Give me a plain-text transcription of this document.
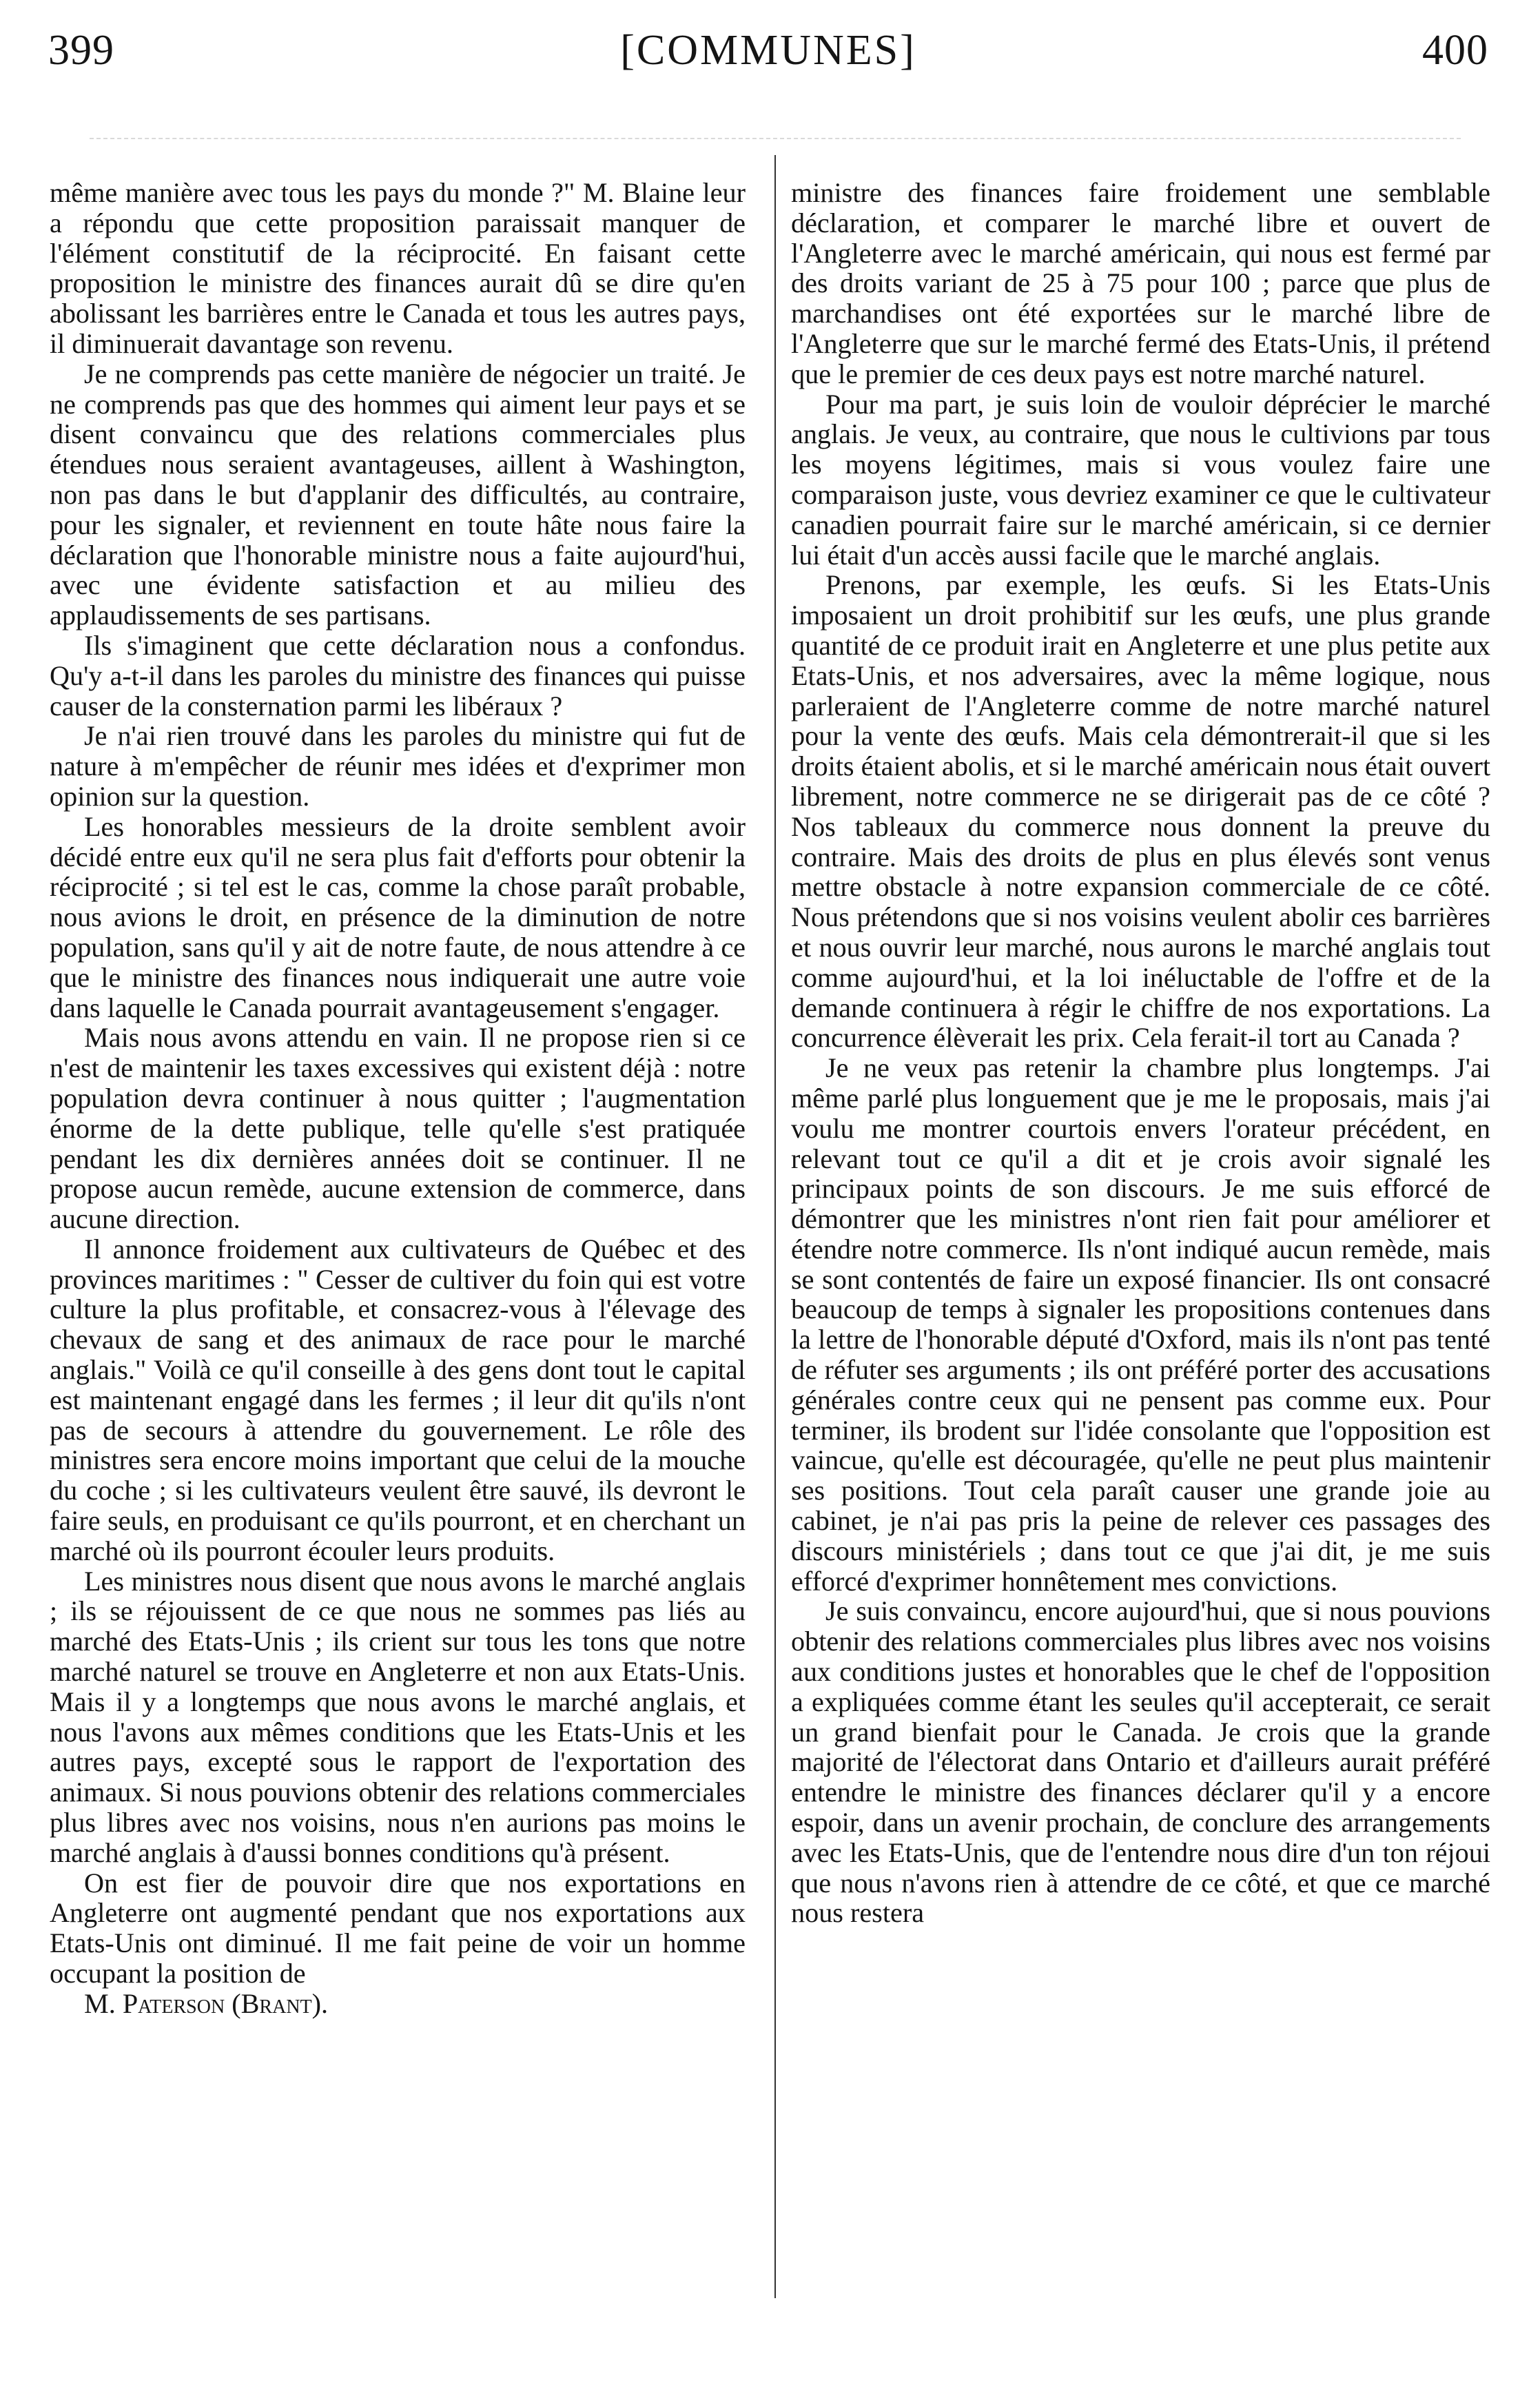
399	[COMMUNES]	400

même manière avec tous les pays du monde ?" M. Blaine leur a répondu que cette proposition paraissait manquer de l'élément constitutif de la réciprocité. En faisant cette proposition le ministre des finances aurait dû se dire qu'en abolissant les barrières entre le Canada et tous les autres pays, il diminuerait davantage son revenu.

Je ne comprends pas cette manière de négocier un traité. Je ne comprends pas que des hommes qui aiment leur pays et se disent convaincu que des relations commerciales plus étendues nous seraient avantageuses, aillent à Washington, non pas dans le but d'applanir des difficultés, au contraire, pour les signaler, et reviennent en toute hâte nous faire la déclaration que l'honorable ministre nous a faite aujourd'hui, avec une évidente satisfaction et au milieu des applaudissements de ses partisans.

Ils s'imaginent que cette déclaration nous a confondus. Qu'y a-t-il dans les paroles du ministre des finances qui puisse causer de la consternation parmi les libéraux ?

Je n'ai rien trouvé dans les paroles du ministre qui fut de nature à m'empêcher de réunir mes idées et d'exprimer mon opinion sur la question.

Les honorables messieurs de la droite semblent avoir décidé entre eux qu'il ne sera plus fait d'efforts pour obtenir la réciprocité ; si tel est le cas, comme la chose paraît probable, nous avions le droit, en présence de la diminution de notre population, sans qu'il y ait de notre faute, de nous attendre à ce que le ministre des finances nous indiquerait une autre voie dans laquelle le Canada pourrait avantageusement s'engager.

Mais nous avons attendu en vain. Il ne propose rien si ce n'est de maintenir les taxes excessives qui existent déjà : notre population devra continuer à nous quitter ; l'augmentation énorme de la dette publique, telle qu'elle s'est pratiquée pendant les dix dernières années doit se continuer. Il ne propose aucun remède, aucune extension de commerce, dans aucune direction.

Il annonce froidement aux cultivateurs de Québec et des provinces maritimes : " Cesser de cultiver du foin qui est votre culture la plus profitable, et consacrez-vous à l'élevage des chevaux de sang et des animaux de race pour le marché anglais." Voilà ce qu'il conseille à des gens dont tout le capital est maintenant engagé dans les fermes ; il leur dit qu'ils n'ont pas de secours à attendre du gouvernement. Le rôle des ministres sera encore moins important que celui de la mouche du coche ; si les cultivateurs veulent être sauvé, ils devront le faire seuls, en produisant ce qu'ils pourront, et en cherchant un marché où ils pourront écouler leurs produits.

Les ministres nous disent que nous avons le marché anglais ; ils se réjouissent de ce que nous ne sommes pas liés au marché des Etats-Unis ; ils crient sur tous les tons que notre marché naturel se trouve en Angleterre et non aux Etats-Unis. Mais il y a longtemps que nous avons le marché anglais, et nous l'avons aux mêmes conditions que les Etats-Unis et les autres pays, excepté sous le rapport de l'exportation des animaux. Si nous pouvions obtenir des relations commerciales plus libres avec nos voisins, nous n'en aurions pas moins le marché anglais à d'aussi bonnes conditions qu'à présent.

On est fier de pouvoir dire que nos exportations en Angleterre ont augmenté pendant que nos exportations aux Etats-Unis ont diminué. Il me fait peine de voir un homme occupant la position de

M. Paterson (Brant).

ministre des finances faire froidement une semblable déclaration, et comparer le marché libre et ouvert de l'Angleterre avec le marché américain, qui nous est fermé par des droits variant de 25 à 75 pour 100 ; parce que plus de marchandises ont été exportées sur le marché libre de l'Angleterre que sur le marché fermé des Etats-Unis, il prétend que le premier de ces deux pays est notre marché naturel.

Pour ma part, je suis loin de vouloir déprécier le marché anglais. Je veux, au contraire, que nous le cultivions par tous les moyens légitimes, mais si vous voulez faire une comparaison juste, vous devriez examiner ce que le cultivateur canadien pourrait faire sur le marché américain, si ce dernier lui était d'un accès aussi facile que le marché anglais.

Prenons, par exemple, les œufs. Si les Etats-Unis imposaient un droit prohibitif sur les œufs, une plus grande quantité de ce produit irait en Angleterre et une plus petite aux Etats-Unis, et nos adversaires, avec la même logique, nous parleraient de l'Angleterre comme de notre marché naturel pour la vente des œufs. Mais cela démontrerait-il que si les droits étaient abolis, et si le marché américain nous était ouvert librement, notre commerce ne se dirigerait pas de ce côté ? Nos tableaux du commerce nous donnent la preuve du contraire. Mais des droits de plus en plus élevés sont venus mettre obstacle à notre expansion commerciale de ce côté. Nous prétendons que si nos voisins veulent abolir ces barrières et nous ouvrir leur marché, nous aurons le marché anglais tout comme aujourd'hui, et la loi inéluctable de l'offre et de la demande continuera à régir le chiffre de nos exportations. La concurrence élèverait les prix. Cela ferait-il tort au Canada ?

Je ne veux pas retenir la chambre plus longtemps. J'ai même parlé plus longuement que je me le proposais, mais j'ai voulu me montrer courtois envers l'orateur précédent, en relevant tout ce qu'il a dit et je crois avoir signalé les principaux points de son discours. Je me suis efforcé de démontrer que les ministres n'ont rien fait pour améliorer et étendre notre commerce. Ils n'ont indiqué aucun remède, mais se sont contentés de faire un exposé financier. Ils ont consacré beaucoup de temps à signaler les propositions contenues dans la lettre de l'honorable député d'Oxford, mais ils n'ont pas tenté de réfuter ses arguments ; ils ont préféré porter des accusations générales contre ceux qui ne pensent pas comme eux. Pour terminer, ils brodent sur l'idée consolante que l'opposition est vaincue, qu'elle est découragée, qu'elle ne peut plus maintenir ses positions. Tout cela paraît causer une grande joie au cabinet, je n'ai pas pris la peine de relever ces passages des discours ministériels ; dans tout ce que j'ai dit, je me suis efforcé d'exprimer honnêtement mes convictions.

Je suis convaincu, encore aujourd'hui, que si nous pouvions obtenir des relations commerciales plus libres avec nos voisins aux conditions justes et honorables que le chef de l'opposition a expliquées comme étant les seules qu'il accepterait, ce serait un grand bienfait pour le Canada. Je crois que la grande majorité de l'électorat dans Ontario et d'ailleurs aurait préféré entendre le ministre des finances déclarer qu'il y a encore espoir, dans un avenir prochain, de conclure des arrangements avec les Etats-Unis, que de l'entendre nous dire d'un ton réjoui que nous n'avons rien à attendre de ce côté, et que ce marché nous restera
